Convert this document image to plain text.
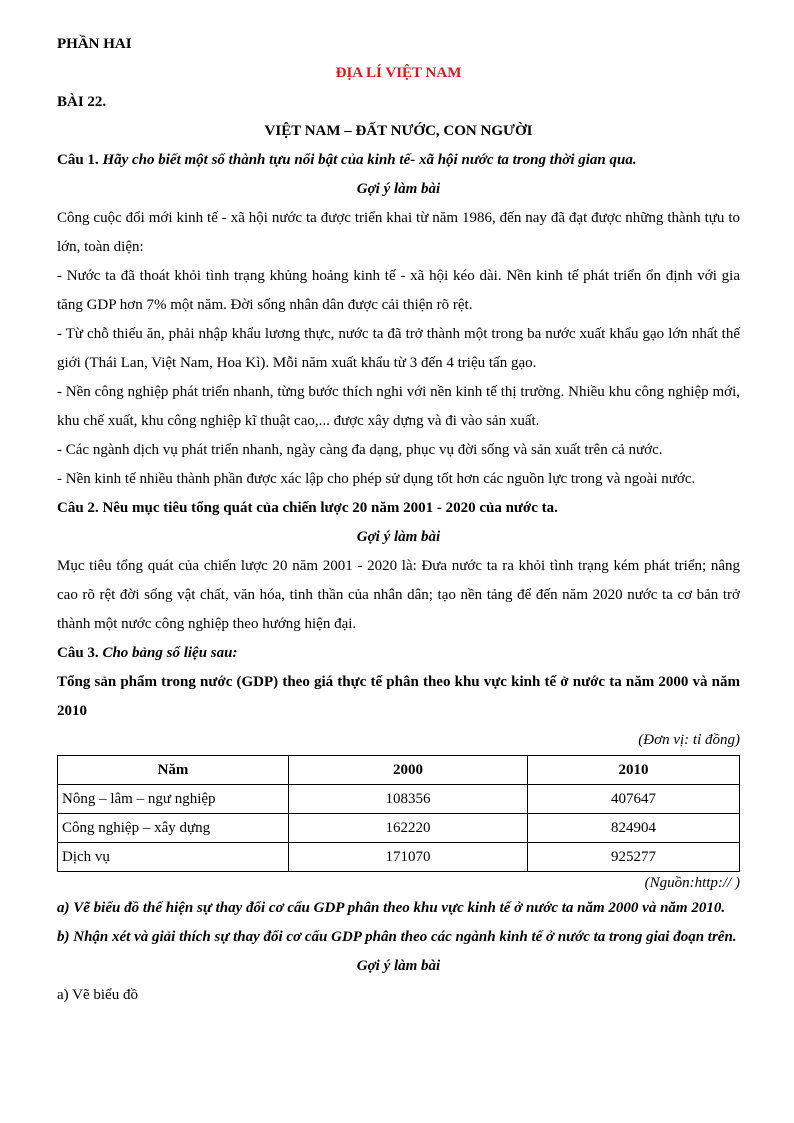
PHẦN HAI

ĐỊA LÍ VIỆT NAM

BÀI 22.

VIỆT NAM – ĐẤT NƯỚC, CON NGƯỜI

Câu 1. Hãy cho biết một số thành tựu nổi bật của kinh tế- xã hội nước ta trong thời gian qua.

Gợi ý làm bài

Công cuộc đổi mới kinh tế - xã hội nước ta được triển khai từ năm 1986, đến nay đã đạt được những thành tựu to lớn, toàn diện:

- Nước ta đã thoát khỏi tình trạng khủng hoảng kinh tế - xã hội kéo dài. Nền kinh tế phát triển ổn định với gia tăng GDP hơn 7% một năm. Đời sống nhân dân được cải thiện rõ rệt.

- Từ chỗ thiếu ăn, phải nhập khẩu lương thực, nước ta đã trở thành một trong ba nước xuất khẩu gạo lớn nhất thế giới (Thái Lan, Việt Nam, Hoa Kì). Mỗi năm xuất khẩu từ 3 đến 4 triệu tấn gạo.

- Nền công nghiệp phát triển nhanh, từng bước thích nghi với nền kinh tế thị trường. Nhiều khu công nghiệp mới, khu chế xuất, khu công nghiệp kĩ thuật cao,... được xây dựng và đi vào sản xuất.

- Các ngành dịch vụ phát triển nhanh, ngày càng đa dạng, phục vụ đời sống và sản xuất trên cả nước.

- Nền kinh tế nhiều thành phần được xác lập cho phép sử dụng tốt hơn các nguồn lực trong và ngoài nước.

Câu 2. Nêu mục tiêu tổng quát của chiến lược 20 năm 2001 - 2020 của nước ta.

Gợi ý làm bài

Mục tiêu tổng quát của chiến lược 20 năm 2001 - 2020 là: Đưa nước ta ra khỏi tình trạng kém phát triển; nâng cao rõ rệt đời sống vật chất, văn hóa, tinh thần của nhân dân; tạo nền tảng để đến năm 2020 nước ta cơ bản trở thành một nước công nghiệp theo hướng hiện đại.

Câu 3. Cho bảng số liệu sau:

Tổng sản phẩm trong nước (GDP) theo giá thực tế phân theo khu vực kinh tế ở nước ta năm 2000 và năm 2010

(Đơn vị: tỉ đồng)

Năm	2000	2010
Nông – lâm – ngư nghiệp	108356	407647
Công nghiệp – xây dựng	162220	824904
Dịch vụ	171070	925277

(Nguồn:http:// )

a) Vẽ biểu đồ thể hiện sự thay đổi cơ cấu GDP phân theo khu vực kinh tế ở nước ta năm 2000 và năm 2010.

b) Nhận xét và giải thích sự thay đổi cơ cấu GDP phân theo các ngành kinh tế ở nước ta trong giai đoạn trên.

Gợi ý làm bài

a) Vẽ biểu đồ
